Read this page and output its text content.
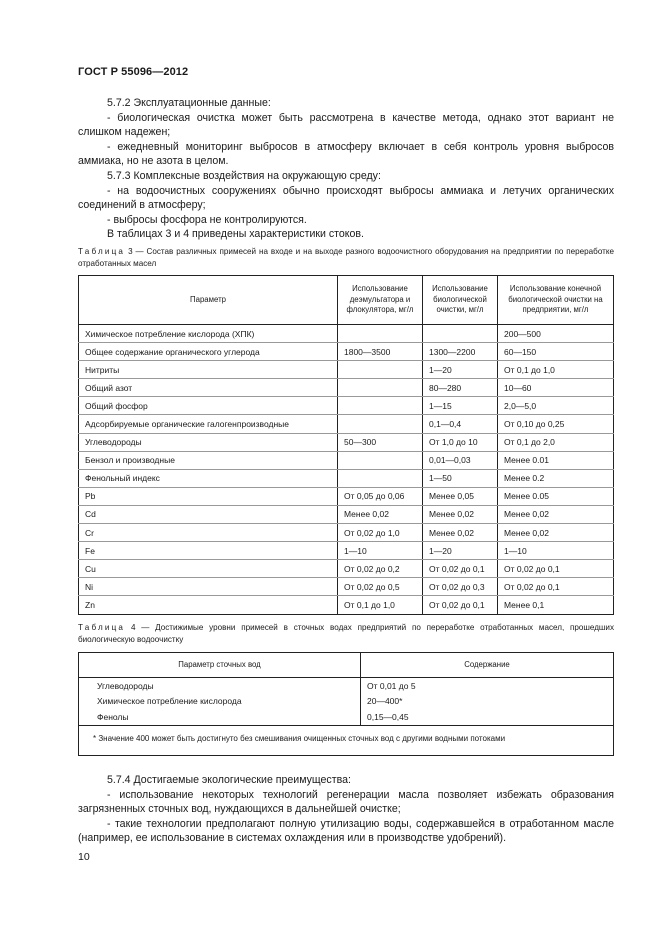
ГОСТ Р 55096—2012

5.7.2 Эксплуатационные данные:

- биологическая очистка может быть рассмотрена в качестве метода, однако этот вариант не слишком надежен;

- ежедневный мониторинг выбросов в атмосферу включает в себя контроль уровня выбросов аммиака, но не азота в целом.

5.7.3 Комплексные воздействия на окружающую среду:

- на водоочистных сооружениях обычно происходят выбросы аммиака и летучих органических соединений в атмосферу;

- выбросы фосфора не контролируются.

В таблицах 3 и 4 приведены характеристики стоков.

Таблица 3 — Состав различных примесей на входе и на выходе разного водоочистного оборудования на предприятии по переработке отработанных масел
Параметр	Использование деэмульгатора и флокулятора, мг/л	Использование биологической очистки, мг/л	Использование конечной биологической очистки на предприятии, мг/л
Химическое потребление кислорода (ХПК)			200—500
Общее содержание органического углерода	1800—3500	1300—2200	60—150
Нитриты		1—20	От 0,1 до 1,0
Общий азот		80—280	10—60
Общий фосфор		1—15	2,0—5,0
Адсорбируемые органические галогенпроизводные		0,1—0,4	От 0,10 до 0,25
Углеводороды	50—300	От 1,0 до 10	От 0,1 до 2,0
Бензол и производные		0,01—0,03	Менее 0.01
Фенольный индекс		1—50	Менее 0.2
Pb	От 0,05 до 0,06	Менее 0,05	Менее 0.05
Cd	Менее 0,02	Менее 0,02	Менее 0,02
Cr	От 0,02 до 1,0	Менее 0,02	Менее 0,02
Fe	1—10	1—20	1—10
Cu	От 0,02 до 0,2	От 0,02 до 0,1	От 0,02 до 0,1
Ni	От 0,02 до 0,5	От 0,02 до 0,3	От 0,02 до 0,1
Zn	От 0,1 до 1,0	От 0,02 до 0,1	Менее 0,1
Таблица 4 — Достижимые уровни примесей в сточных водах предприятий по переработке отработанных масел, прошедших биологическую водоочистку
Параметр сточных вод	Содержание
Углеводороды	От 0,01 до 5
Химическое потребление кислорода	20—400*
Фенолы	0,15—0,45
* Значение 400 может быть достигнуто без смешивания очищенных сточных вод с другими водными потоками	

5.7.4 Достигаемые экологические преимущества:

- использование некоторых технологий регенерации масла позволяет избежать образования загрязненных сточных вод, нуждающихся в дальнейшей очистке;

- такие технологии предполагают полную утилизацию воды, содержавшейся в отработанном масле (например, ее использование в системах охлаждения или в производстве удобрений).

10
